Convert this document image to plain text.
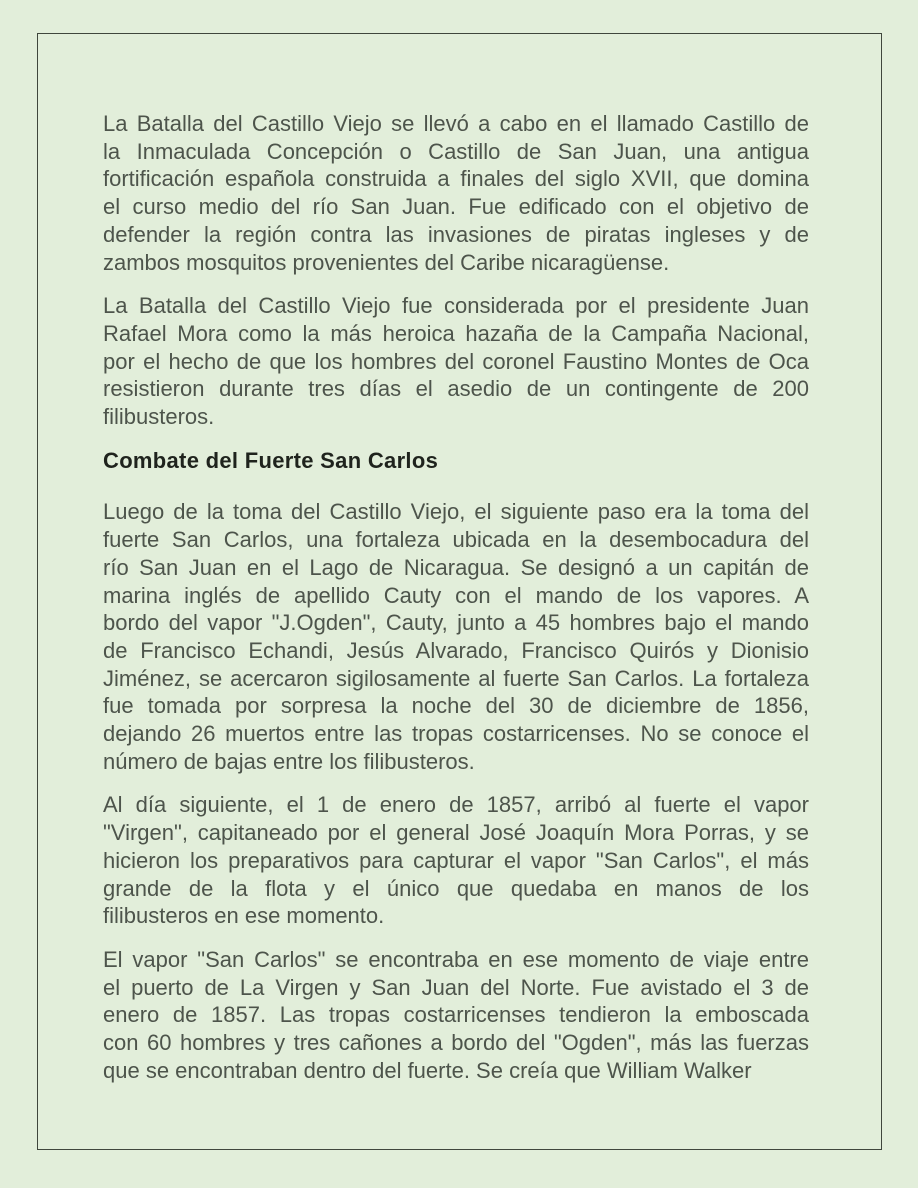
La Batalla del Castillo Viejo se llevó a cabo en el llamado Castillo de
la Inmaculada Concepción o Castillo de San Juan, una antigua
fortificación española construida a finales del siglo XVII, que domina
el curso medio del río San Juan. Fue edificado con el objetivo de
defender la región contra las invasiones de piratas ingleses y de
zambos mosquitos provenientes del Caribe nicaragüense.
La Batalla del Castillo Viejo fue considerada por el presidente Juan
Rafael Mora como la más heroica hazaña de la Campaña Nacional,
por el hecho de que los hombres del coronel Faustino Montes de Oca
resistieron durante tres días el asedio de un contingente de 200
filibusteros.
Combate del Fuerte San Carlos
Luego de la toma del Castillo Viejo, el siguiente paso era la toma del
fuerte San Carlos, una fortaleza ubicada en la desembocadura del
río San Juan en el Lago de Nicaragua. Se designó a un capitán de
marina inglés de apellido Cauty con el mando de los vapores. A
bordo del vapor "J.Ogden", Cauty, junto a 45 hombres bajo el mando
de Francisco Echandi, Jesús Alvarado, Francisco Quirós y Dionisio
Jiménez, se acercaron sigilosamente al fuerte San Carlos. La fortaleza
fue tomada por sorpresa la noche del 30 de diciembre de 1856,
dejando 26 muertos entre las tropas costarricenses. No se conoce el
número de bajas entre los filibusteros.
Al día siguiente, el 1 de enero de 1857, arribó al fuerte el vapor
"Virgen", capitaneado por el general José Joaquín Mora Porras, y se
hicieron los preparativos para capturar el vapor "San Carlos", el más
grande de la flota y el único que quedaba en manos de los
filibusteros en ese momento.
El vapor "San Carlos" se encontraba en ese momento de viaje entre
el puerto de La Virgen y San Juan del Norte. Fue avistado el 3 de
enero de 1857. Las tropas costarricenses tendieron la emboscada
con 60 hombres y tres cañones a bordo del "Ogden", más las fuerzas
que se encontraban dentro del fuerte. Se creía que William Walker
